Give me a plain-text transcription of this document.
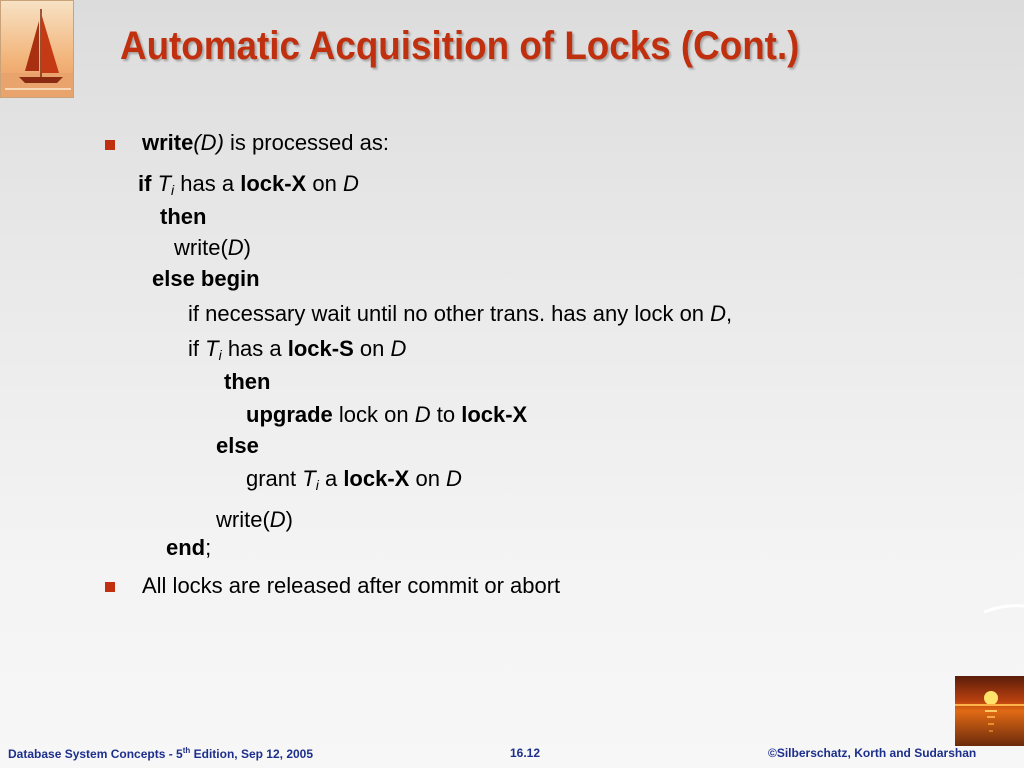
Automatic Acquisition of Locks (Cont.)
write(D) is processed as:
if $T_i$ has a lock-X on D
then
write(D)
else begin
if necessary wait until no other trans. has any lock on D,
if $T_i$ has a lock-S on D
then
upgrade lock on D to lock-X
else
grant $T_i$ a lock-X on D
write(D)
end;
All locks are released after commit or abort
Database System Concepts - 5th Edition, Sep 12, 2005	16.12	©Silberschatz, Korth and Sudarshan
